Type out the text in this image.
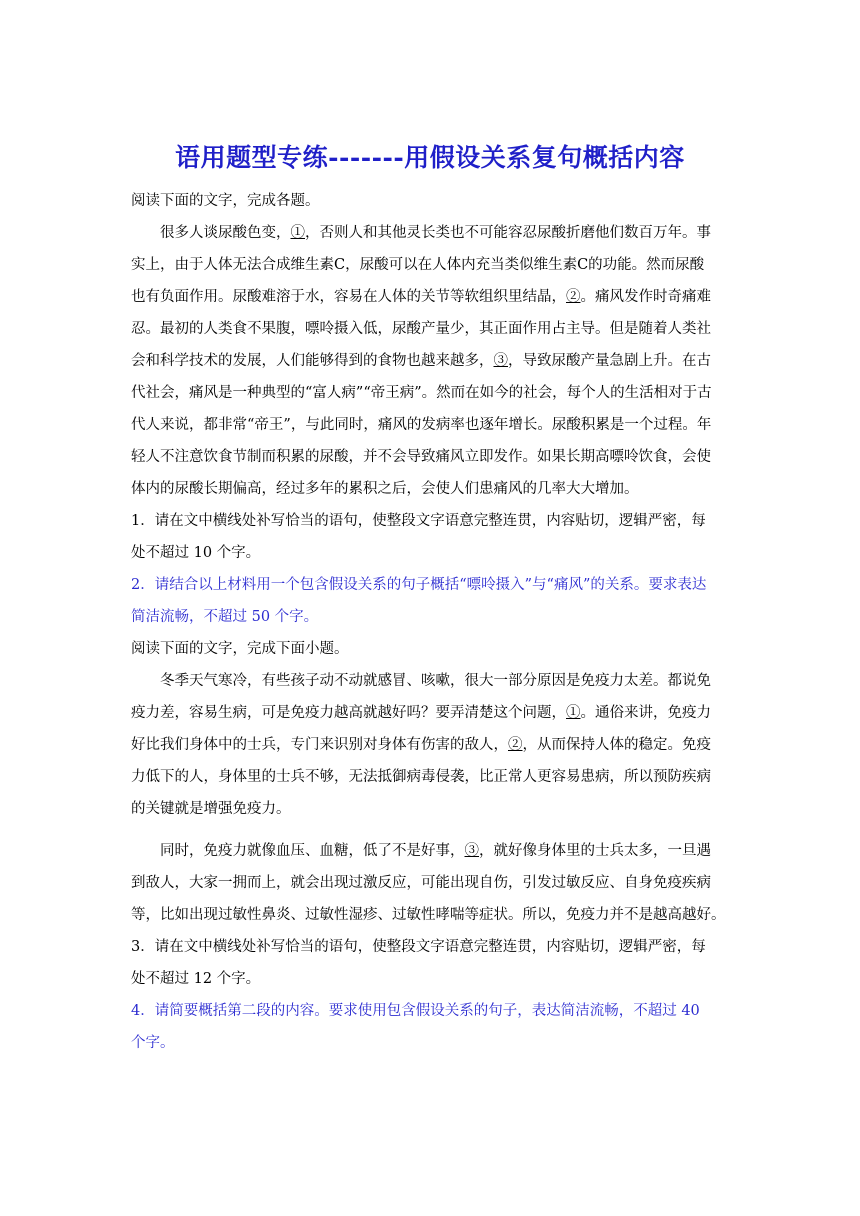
语用题型专练-------用假设关系复句概括内容
阅读下面的文字，完成各题。
　　很多人谈尿酸色变，①，否则人和其他灵长类也不可能容忍尿酸折磨他们数百万年。事
实上，由于人体无法合成维生素C，尿酸可以在人体内充当类似维生素C的功能。然而尿酸
也有负面作用。尿酸难溶于水，容易在人体的关节等软组织里结晶，②。痛风发作时奇痛难
忍。最初的人类食不果腹，嘌呤摄入低，尿酸产量少，其正面作用占主导。但是随着人类社
会和科学技术的发展，人们能够得到的食物也越来越多，③，导致尿酸产量急剧上升。在古
代社会，痛风是一种典型的“富人病”“帝王病”。然而在如今的社会，每个人的生活相对于古
代人来说，都非常“帝王”，与此同时，痛风的发病率也逐年增长。尿酸积累是一个过程。年
轻人不注意饮食节制而积累的尿酸，并不会导致痛风立即发作。如果长期高嘌呤饮食，会使
体内的尿酸长期偏高，经过多年的累积之后，会使人们患痛风的几率大大增加。
1．请在文中横线处补写恰当的语句，使整段文字语意完整连贯，内容贴切，逻辑严密，每
处不超过 10 个字。
2．请结合以上材料用一个包含假设关系的句子概括“嘌呤摄入”与“痛风”的关系。要求表达
简洁流畅，不超过 50 个字。
阅读下面的文字，完成下面小题。
　　冬季天气寒冷，有些孩子动不动就感冒、咳嗽，很大一部分原因是免疫力太差。都说免
疫力差，容易生病，可是免疫力越高就越好吗？要弄清楚这个问题，①。通俗来讲，免疫力
好比我们身体中的士兵，专门来识别对身体有伤害的敌人，②，从而保持人体的稳定。免疫
力低下的人，身体里的士兵不够，无法抵御病毒侵袭，比正常人更容易患病，所以预防疾病
的关键就是增强免疫力。
　　同时，免疫力就像血压、血糖，低了不是好事，③，就好像身体里的士兵太多，一旦遇
到敌人，大家一拥而上，就会出现过激反应，可能出现自伤，引发过敏反应、自身免疫疾病
等，比如出现过敏性鼻炎、过敏性湿疹、过敏性哮喘等症状。所以，免疫力并不是越高越好。
3．请在文中横线处补写恰当的语句，使整段文字语意完整连贯，内容贴切，逻辑严密，每
处不超过 12 个字。
4．请简要概括第二段的内容。要求使用包含假设关系的句子，表达简洁流畅，不超过 40
个字。
